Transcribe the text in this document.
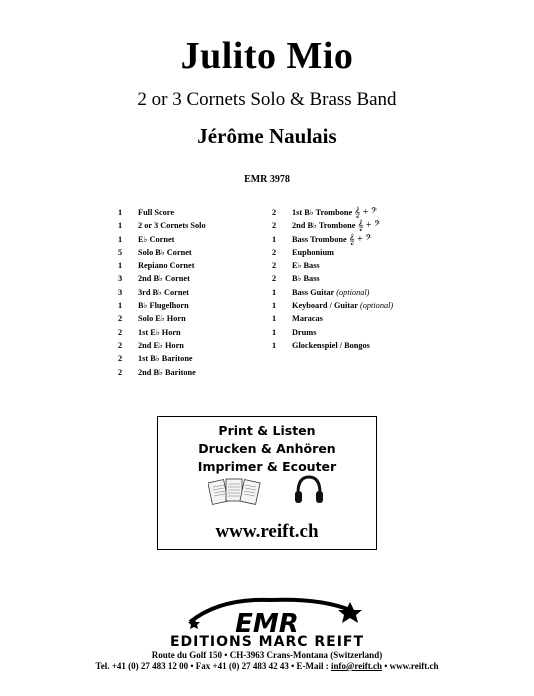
Julito Mio
2 or 3 Cornets Solo & Brass Band
Jérôme Naulais
EMR 3978
1 Full Score
1 2 or 3 Cornets Solo
1 E♭ Cornet
5 Solo B♭ Cornet
1 Repiano Cornet
3 2nd B♭ Cornet
3 3rd B♭ Cornet
1 B♭ Flugelhorn
2 Solo E♭ Horn
2 1st E♭ Horn
2 2nd E♭ Horn
2 1st B♭ Baritone
2 2nd B♭ Baritone
2 1st B♭ Trombone 𝄞 + 𝄢
2 2nd B♭ Trombone 𝄞 + 𝄢
1 Bass Trombone 𝄞 + 𝄢
2 Euphonium
2 E♭ Bass
2 B♭ Bass
1 Bass Guitar (optional)
1 Keyboard / Guitar (optional)
1 Maracas
1 Drums
1 Glockenspiel / Bongos
Print & Listen
Drucken & Anhören
Imprimer & Ecouter
www.reift.ch
EMR
EDITIONS MARC REIFT
Route du Golf 150 • CH-3963 Crans-Montana (Switzerland)
Tel. +41 (0) 27 483 12 00 • Fax +41 (0) 27 483 42 43 • E-Mail : info@reift.ch • www.reift.ch
